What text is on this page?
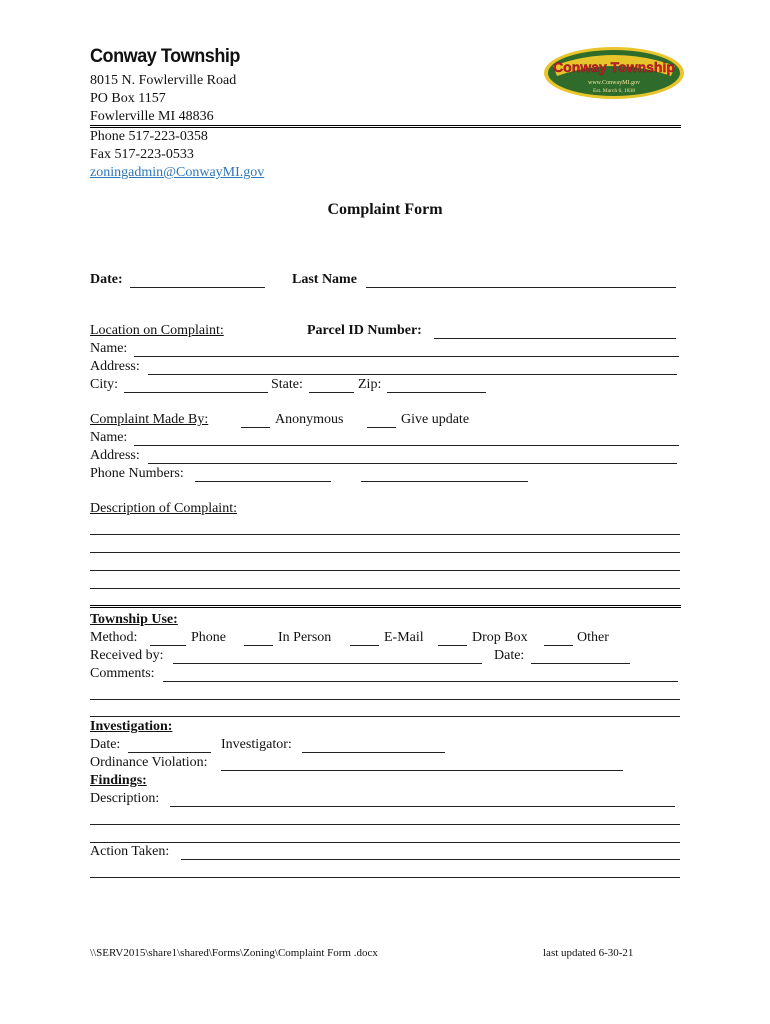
Conway Township
8015 N. Fowlerville Road
PO Box 1157
Fowlerville MI 48836
Phone 517-223-0358
Fax 517-223-0533
zoningadmin@ConwayMI.gov
Conway Township
www.ConwayMI.gov
Est. March 6, 1838
Complaint Form
Date:	Last Name
Location on Complaint:	Parcel ID Number:
Name:
Address:
City:	State:	Zip:
Complaint Made By:	Anonymous	Give update
Name:
Address:
Phone Numbers:
Description of Complaint:
Township Use:
Method:	Phone	In Person	E-Mail	Drop Box	Other
Received by:	Date:
Comments:
Investigation:
Date:	Investigator:
Ordinance Violation:
Findings:
Description:
Action Taken:
\\SERV2015\share1\shared\Forms\Zoning\Complaint Form .docx	last updated 6-30-21
